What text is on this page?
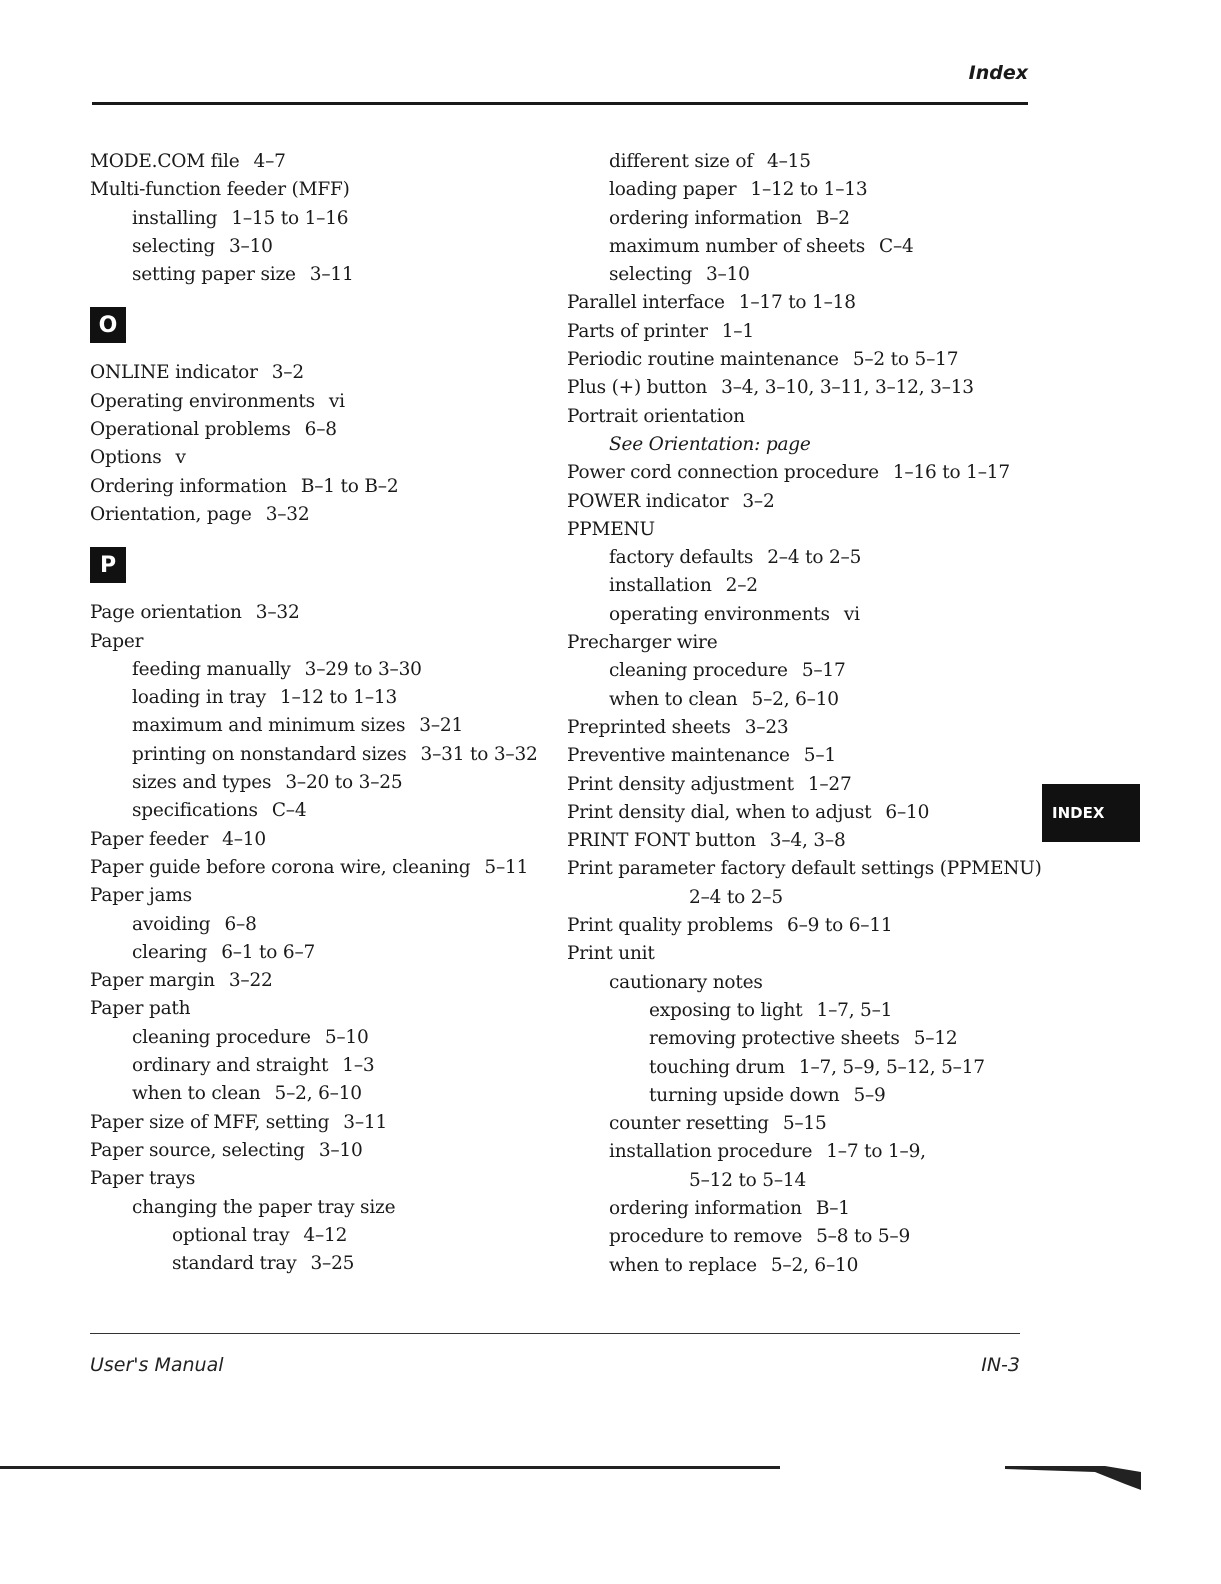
Index
MODE.COM file 4–7
Multi-function feeder (MFF)
installing 1–15 to 1–16
selecting 3–10
setting paper size 3–11
O
ONLINE indicator 3–2
Operating environments vi
Operational problems 6–8
Options v
Ordering information B–1 to B–2
Orientation, page 3–32
P
Page orientation 3–32
Paper
feeding manually 3–29 to 3–30
loading in tray 1–12 to 1–13
maximum and minimum sizes 3–21
printing on nonstandard sizes 3–31 to 3–32
sizes and types 3–20 to 3–25
specifications C–4
Paper feeder 4–10
Paper guide before corona wire, cleaning 5–11
Paper jams
avoiding 6–8
clearing 6–1 to 6–7
Paper margin 3–22
Paper path
cleaning procedure 5–10
ordinary and straight 1–3
when to clean 5–2, 6–10
Paper size of MFF, setting 3–11
Paper source, selecting 3–10
Paper trays
changing the paper tray size
optional tray 4–12
standard tray 3–25
different size of 4–15
loading paper 1–12 to 1–13
ordering information B–2
maximum number of sheets C–4
selecting 3–10
Parallel interface 1–17 to 1–18
Parts of printer 1–1
Periodic routine maintenance 5–2 to 5–17
Plus (+) button 3–4, 3–10, 3–11, 3–12, 3–13
Portrait orientation
See Orientation: page
Power cord connection procedure 1–16 to 1–17
POWER indicator 3–2
PPMENU
factory defaults 2–4 to 2–5
installation 2–2
operating environments vi
Precharger wire
cleaning procedure 5–17
when to clean 5–2, 6–10
Preprinted sheets 3–23
Preventive maintenance 5–1
Print density adjustment 1–27
Print density dial, when to adjust 6–10
PRINT FONT button 3–4, 3–8
Print parameter factory default settings (PPMENU)
2–4 to 2–5
Print quality problems 6–9 to 6–11
Print unit
cautionary notes
exposing to light 1–7, 5–1
removing protective sheets 5–12
touching drum 1–7, 5–9, 5–12, 5–17
turning upside down 5–9
counter resetting 5–15
installation procedure 1–7 to 1–9,
5–12 to 5–14
ordering information B–1
procedure to remove 5–8 to 5–9
when to replace 5–2, 6–10
INDEX
User's Manual	IN-3
